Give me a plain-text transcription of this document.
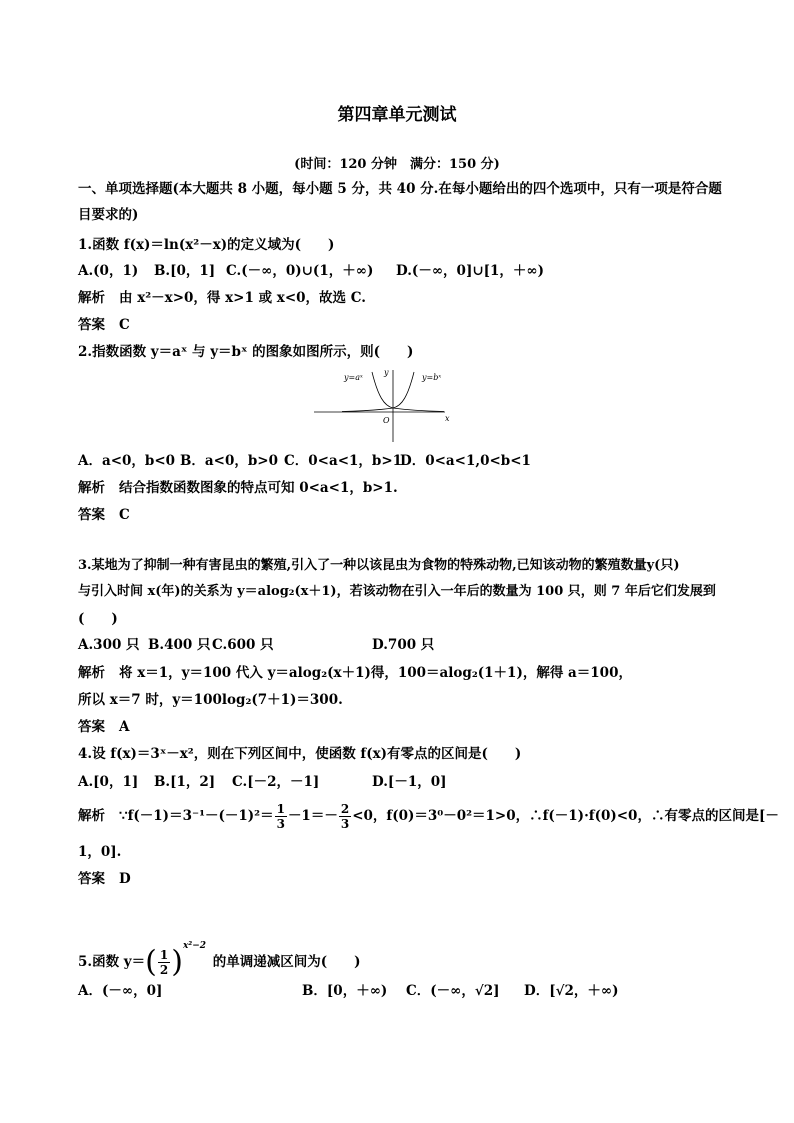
第四章单元测试
(时间：120 分钟　满分：150 分)
一、单项选择题(本大题共 8 小题，每小题 5 分，共 40 分.在每小题给出的四个选项中，只有一项是符合题
目要求的)
1.函数 f(x)＝ln(x²－x)的定义域为(　　)
A.(0，1) B.[0，1] C.(－∞，0)∪(1，＋∞) D.(－∞，0]∪[1，＋∞)
解析 由 x²－x>0，得 x>1 或 x<0，故选 C.
答案 C
2.指数函数 y＝aˣ 与 y＝bˣ 的图象如图所示，则(　　)
y=aˣ	y=bˣ
y
x
O
A．a<0，b<0 B．a<0，b>0 C．0<a<1，b>1
D．0<a<1,0<b<1
解析 结合指数函数图象的特点可知 0<a<1，b>1.
答案 C
3.某地为了抑制一种有害昆虫的繁殖,引入了一种以该昆虫为食物的特殊动物,已知该动物的繁殖数量y(只)
与引入时间 x(年)的关系为 y＝alog₂(x＋1)，若该动物在引入一年后的数量为 100 只，则 7 年后它们发展到
(　　)
A.300 只 B.400 只 C.600 只	D.700 只
解析 将 x＝1，y＝100 代入 y＝alog₂(x＋1)得，100＝alog₂(1＋1)，解得 a＝100，
所以 x＝7 时，y＝100log₂(7＋1)＝300.
答案 A
4.设 f(x)＝3ˣ－x²，则在下列区间中，使函数 f(x)有零点的区间是(　　)
A.[0，1] B.[1，2] C.[－2，－1]	D.[－1，0]
解析 ∵f(－1)＝3⁻¹－(－1)²＝ $\frac{1}{3} -1=- \frac{2}{3} <0$，f(0)＝3⁰－0²＝1>0，∴f(－1)·f(0)<0，∴有零点的区间是[－
1，0].
答案 D
5.函数 $y=( \frac{1}{2} )^{x^2-2}$ 的单调递减区间为(　　)
A．(－∞，0]	B．[0，＋∞) C．(－∞，√2] D．[√2，＋∞)
